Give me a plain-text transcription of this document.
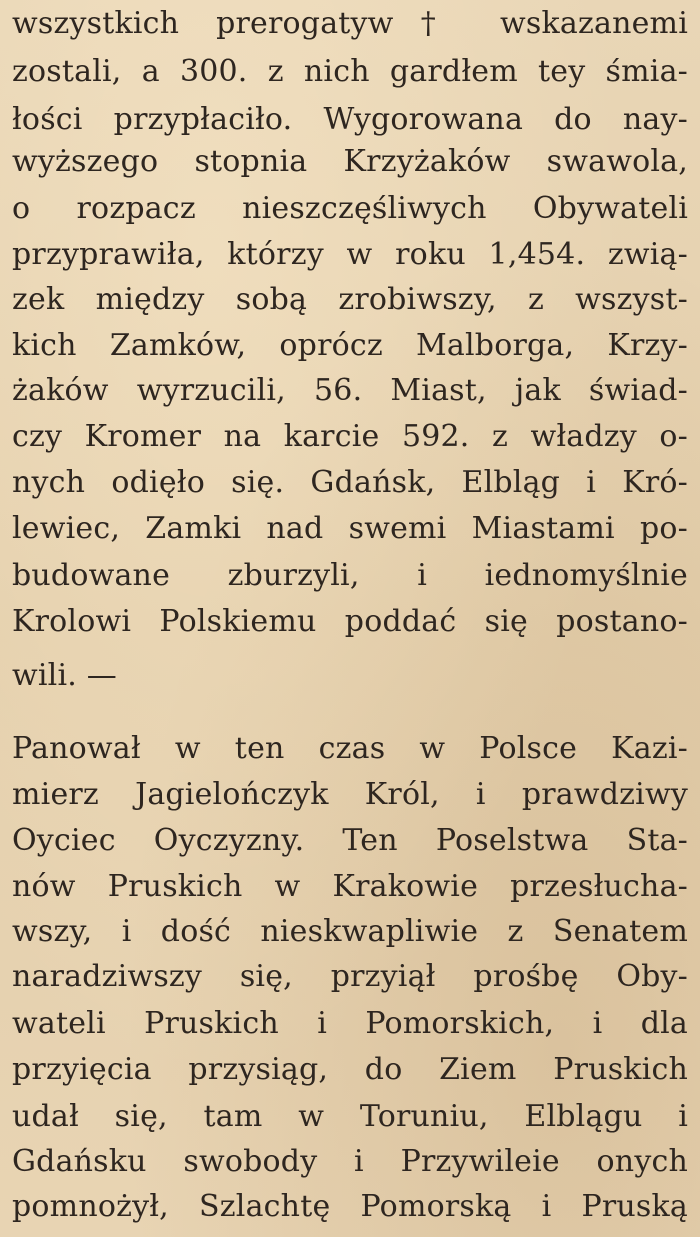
wszystkich prerogatyw† wskazanemi
zostali, a 300. z nich gardłem tey śmia-
łości przypłaciło. Wygorowana do nay-
wyższego stopnia Krzyżaków swawola,
o rozpacz nieszczęśliwych Obywateli
przyprawiła, którzy w roku 1,454. zwią-
zek między sobą zrobiwszy, z wszyst-
kich Zamków, oprócz Malborga, Krzy-
żaków wyrzucili, 56. Miast, jak świad-
czy Kromer na karcie 592. z władzy o-
nych odięło się. Gdańsk, Elbląg i Kró-
lewiec, Zamki nad swemi Miastami po-
budowane zburzyli, i iednomyślnie
Krolowi Polskiemu poddać się postano-
wili. —
Panował w ten czas w Polsce Kazi-
mierz Jagielończyk Król, i prawdziwy
Oyciec Oyczyzny. Ten Poselstwa Sta-
nów Pruskich w Krakowie przesłucha-
wszy, i dość nieskwapliwie z Senatem
naradziwszy się, przyiął prośbę Oby-
wateli Pruskich i Pomorskich, i dla
przyięcia przysiąg, do Ziem Pruskich
udał się, tam w Toruniu, Elblągu i
Gdańsku swobody i Przywileie onych
pomnożył, Szlachtę Pomorską i Pruską
